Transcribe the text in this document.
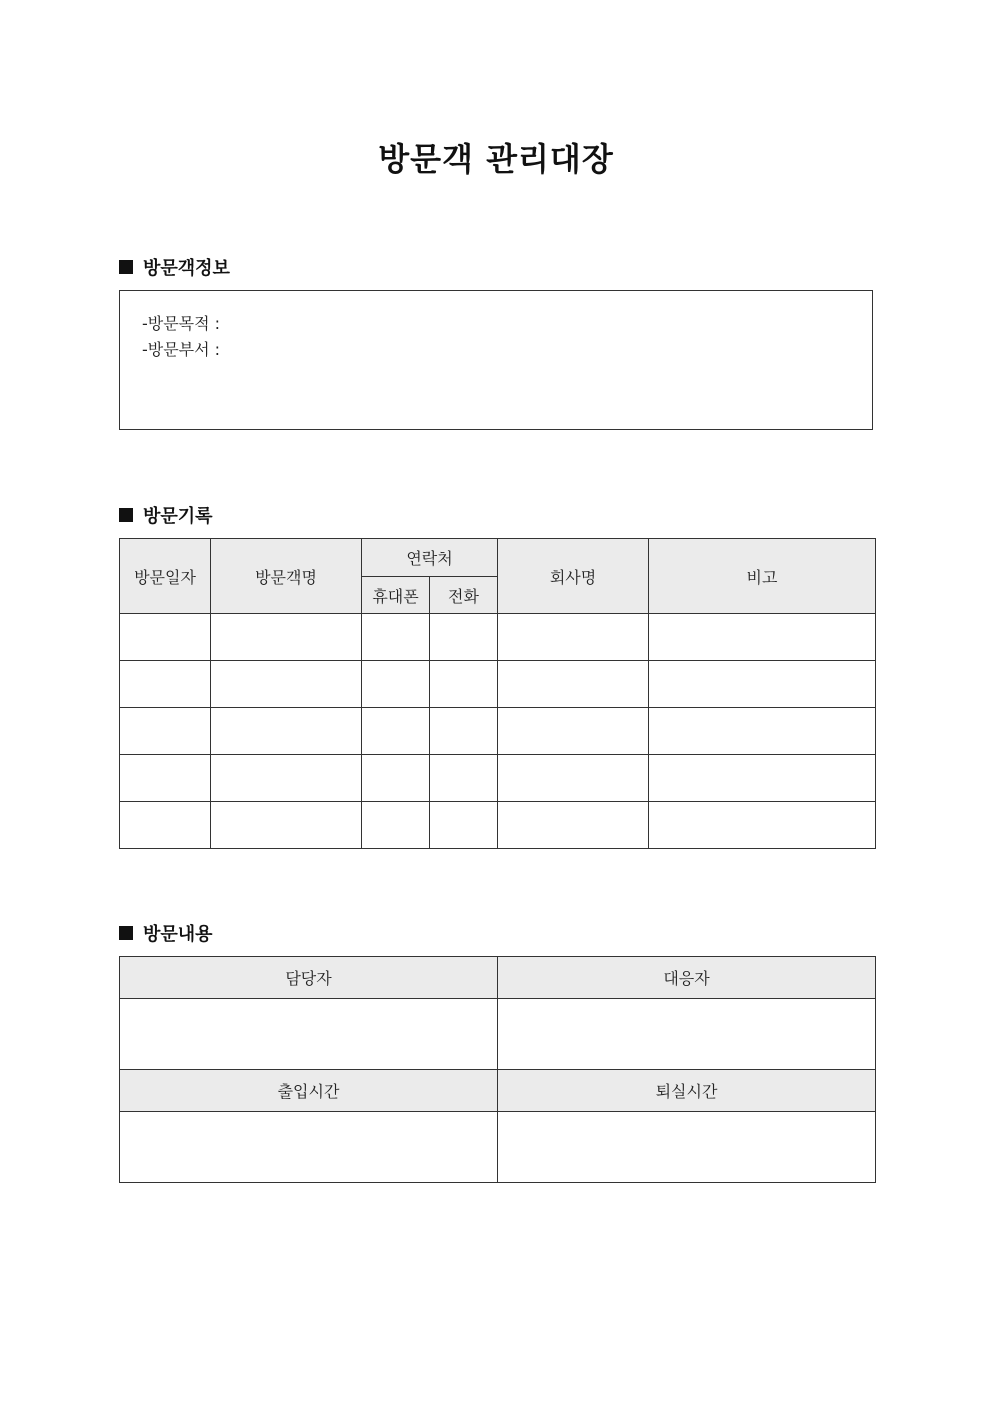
방문객 관리대장
방문객정보
-방문목적 :
-방문부서 :
방문기록
방문일자	방문객명	연락처		회사명	비고
		휴대폰	전화		

방문내용
담당자	대응자

출입시간	퇴실시간
